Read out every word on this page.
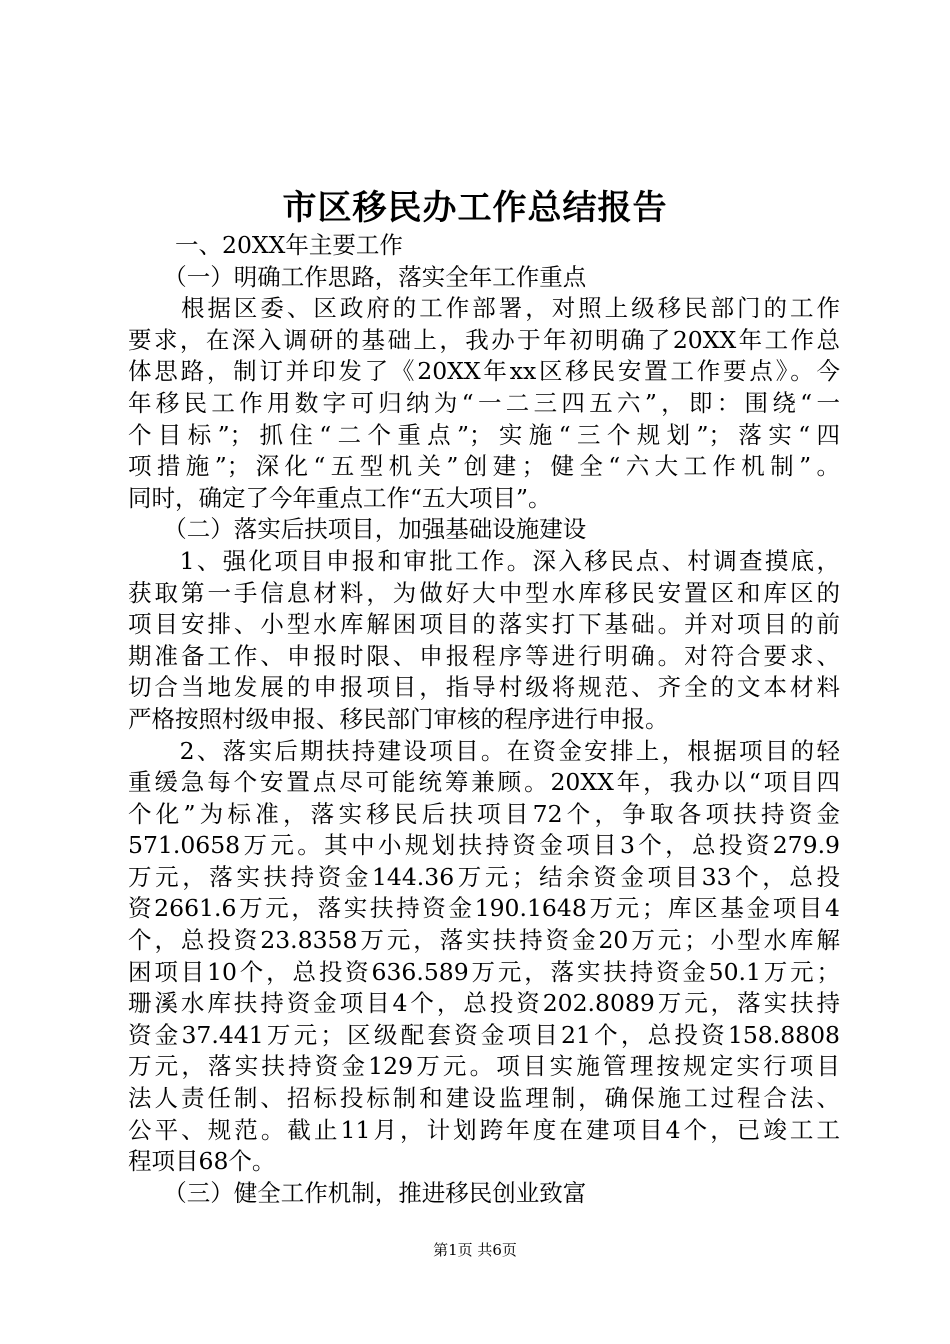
市区移民办工作总结报告
　　一、20XX年主要工作
　　（一）明确工作思路，落实全年工作重点
　　根据区委、区政府的工作部署，对照上级移民部门的工作
要求，在深入调研的基础上，我办于年初明确了20XX年工作总
体思路，制订并印发了《20XX年xx区移民安置工作要点》。今
年移民工作用数字可归纳为“一二三四五六”，即：围绕“一
个目标”；抓住“二个重点”；实施“三个规划”；落实“四
项措施”；深化“五型机关”创建；健全“六大工作机制”。
同时，确定了今年重点工作“五大项目”。
　　（二）落实后扶项目，加强基础设施建设
　　1、强化项目申报和审批工作。深入移民点、村调查摸底，
获取第一手信息材料，为做好大中型水库移民安置区和库区的
项目安排、小型水库解困项目的落实打下基础。并对项目的前
期准备工作、申报时限、申报程序等进行明确。对符合要求、
切合当地发展的申报项目，指导村级将规范、齐全的文本材料
严格按照村级申报、移民部门审核的程序进行申报。
　　2、落实后期扶持建设项目。在资金安排上，根据项目的轻
重缓急每个安置点尽可能统筹兼顾。20XX年，我办以“项目四
个化”为标准，落实移民后扶项目72个，争取各项扶持资金
571.0658万元。其中小规划扶持资金项目3个，总投资279.9
万元，落实扶持资金144.36万元；结余资金项目33个，总投
资2661.6万元，落实扶持资金190.1648万元；库区基金项目4
个，总投资23.8358万元，落实扶持资金20万元；小型水库解
困项目10个，总投资636.589万元，落实扶持资金50.1万元；
珊溪水库扶持资金项目4个，总投资202.8089万元，落实扶持
资金37.441万元；区级配套资金项目21个，总投资158.8808
万元，落实扶持资金129万元。项目实施管理按规定实行项目
法人责任制、招标投标制和建设监理制，确保施工过程合法、
公平、规范。截止11月，计划跨年度在建项目4个，已竣工工
程项目68个。
　　（三）健全工作机制，推进移民创业致富
第1页 共6页
